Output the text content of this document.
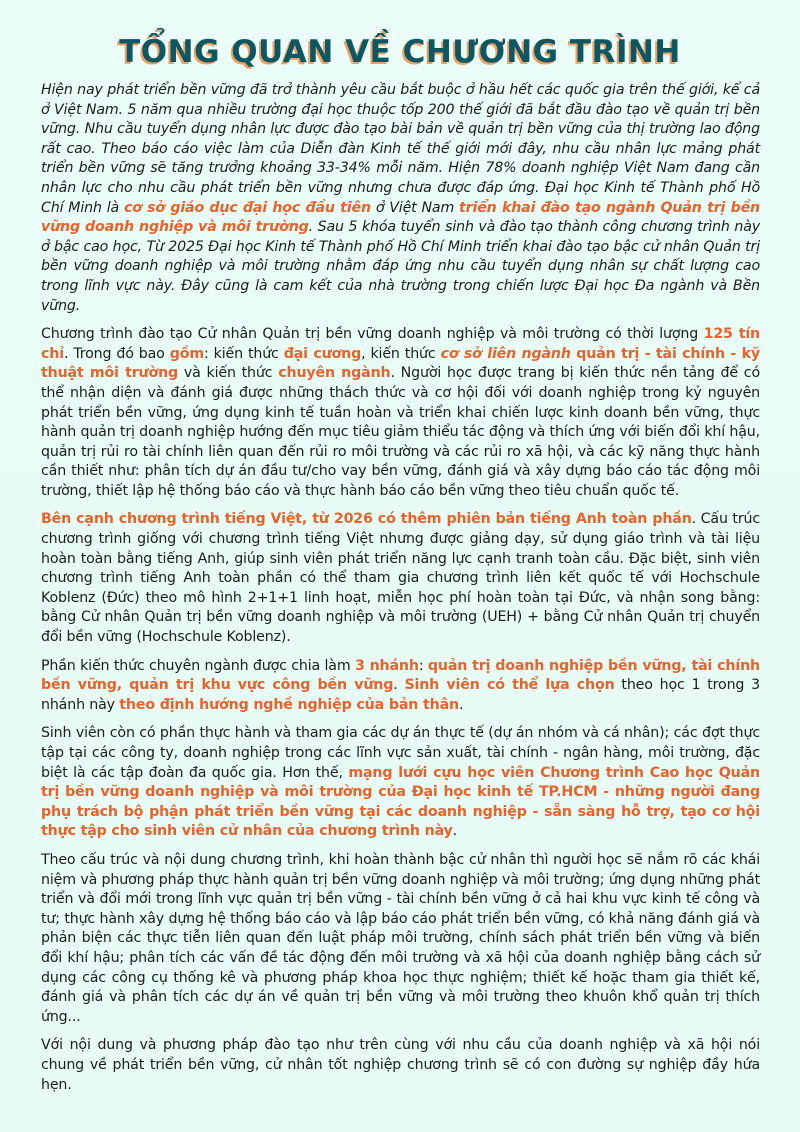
TỔNG QUAN VỀ CHƯƠNG TRÌNH

Hiện nay phát triển bền vững đã trở thành yêu cầu bắt buộc ở hầu hết các quốc gia trên thế giới, kể cả ở Việt Nam. 5 năm qua nhiều trường đại học thuộc tốp 200 thế giới đã bắt đầu đào tạo về quản trị bền vững. Nhu cầu tuyển dụng nhân lực được đào tạo bài bản về quản trị bền vững của thị trường lao động rất cao. Theo báo cáo việc làm của Diễn đàn Kinh tế thế giới mới đây, nhu cầu nhân lực mảng phát triển bền vững sẽ tăng trưởng khoảng 33-34% mỗi năm. Hiện 78% doanh nghiệp Việt Nam đang cần nhân lực cho nhu cầu phát triển bền vững nhưng chưa được đáp ứng. Đại học Kinh tế Thành phố Hồ Chí Minh là cơ sở giáo dục đại học đầu tiên ở Việt Nam triển khai đào tạo ngành Quản trị bền vững doanh nghiệp và môi trường. Sau 5 khóa tuyển sinh và đào tạo thành công chương trình này ở bậc cao học, Từ 2025 Đại học Kinh tế Thành phố Hồ Chí Minh triển khai đào tạo bậc cử nhân Quản trị bền vững doanh nghiệp và môi trường nhằm đáp ứng nhu cầu tuyển dụng nhân sự chất lượng cao trong lĩnh vực này. Đây cũng là cam kết của nhà trường trong chiến lược Đại học Đa ngành và Bền vững.

Chương trình đào tạo Cử nhân Quản trị bền vững doanh nghiệp và môi trường có thời lượng 125 tín chỉ. Trong đó bao gồm: kiến thức đại cương, kiến thức cơ sở liên ngành quản trị - tài chính - kỹ thuật môi trường và kiến thức chuyên ngành. Người học được trang bị kiến thức nền tảng để có thể nhận diện và đánh giá được những thách thức và cơ hội đối với doanh nghiệp trong kỷ nguyên phát triển bền vững, ứng dụng kinh tế tuần hoàn và triển khai chiến lược kinh doanh bền vững, thực hành quản trị doanh nghiệp hướng đến mục tiêu giảm thiểu tác động và thích ứng với biến đổi khí hậu, quản trị rủi ro tài chính liên quan đến rủi ro môi trường và các rủi ro xã hội, và các kỹ năng thực hành cần thiết như: phân tích dự án đầu tư/cho vay bền vững, đánh giá và xây dựng báo cáo tác động môi trường, thiết lập hệ thống báo cáo và thực hành báo cáo bền vững theo tiêu chuẩn quốc tế.

Bên cạnh chương trình tiếng Việt, từ 2026 có thêm phiên bản tiếng Anh toàn phần. Cấu trúc chương trình giống với chương trình tiếng Việt nhưng được giảng dạy, sử dụng giáo trình và tài liệu hoàn toàn bằng tiếng Anh, giúp sinh viên phát triển năng lực cạnh tranh toàn cầu. Đặc biệt, sinh viên chương trình tiếng Anh toàn phần có thể tham gia chương trình liên kết quốc tế với Hochschule Koblenz (Đức) theo mô hình 2+1+1 linh hoạt, miễn học phí hoàn toàn tại Đức, và nhận song bằng: bằng Cử nhân Quản trị bền vững doanh nghiệp và môi trường (UEH) + bằng Cử nhân Quản trị chuyển đổi bền vững (Hochschule Koblenz).

Phần kiến thức chuyên ngành được chia làm 3 nhánh: quản trị doanh nghiệp bền vững, tài chính bền vững, quản trị khu vực công bền vững. Sinh viên có thể lựa chọn theo học 1 trong 3 nhánh này theo định hướng nghề nghiệp của bản thân.

Sinh viên còn có phần thực hành và tham gia các dự án thực tế (dự án nhóm và cá nhân); các đợt thực tập tại các công ty, doanh nghiệp trong các lĩnh vực sản xuất, tài chính - ngân hàng, môi trường, đặc biệt là các tập đoàn đa quốc gia. Hơn thế, mạng lưới cựu học viên Chương trình Cao học Quản trị bền vững doanh nghiệp và môi trường của Đại học kinh tế TP.HCM - những người đang phụ trách bộ phận phát triển bền vững tại các doanh nghiệp - sẵn sàng hỗ trợ, tạo cơ hội thực tập cho sinh viên cử nhân của chương trình này.

Theo cấu trúc và nội dung chương trình, khi hoàn thành bậc cử nhân thì người học sẽ nắm rõ các khái niệm và phương pháp thực hành quản trị bền vững doanh nghiệp và môi trường; ứng dụng những phát triển và đổi mới trong lĩnh vực quản trị bền vững - tài chính bền vững ở cả hai khu vực kinh tế công và tư; thực hành xây dựng hệ thống báo cáo và lập báo cáo phát triển bền vững, có khả năng đánh giá và phản biện các thực tiễn liên quan đến luật pháp môi trường, chính sách phát triển bền vững và biến đổi khí hậu; phân tích các vấn đề tác động đến môi trường và xã hội của doanh nghiệp bằng cách sử dụng các công cụ thống kê và phương pháp khoa học thực nghiệm; thiết kế hoặc tham gia thiết kế, đánh giá và phân tích các dự án về quản trị bền vững và môi trường theo khuôn khổ quản trị thích ứng...

Với nội dung và phương pháp đào tạo như trên cùng với nhu cầu của doanh nghiệp và xã hội nói chung về phát triển bền vững, cử nhân tốt nghiệp chương trình sẽ có con đường sự nghiệp đầy hứa hẹn.
